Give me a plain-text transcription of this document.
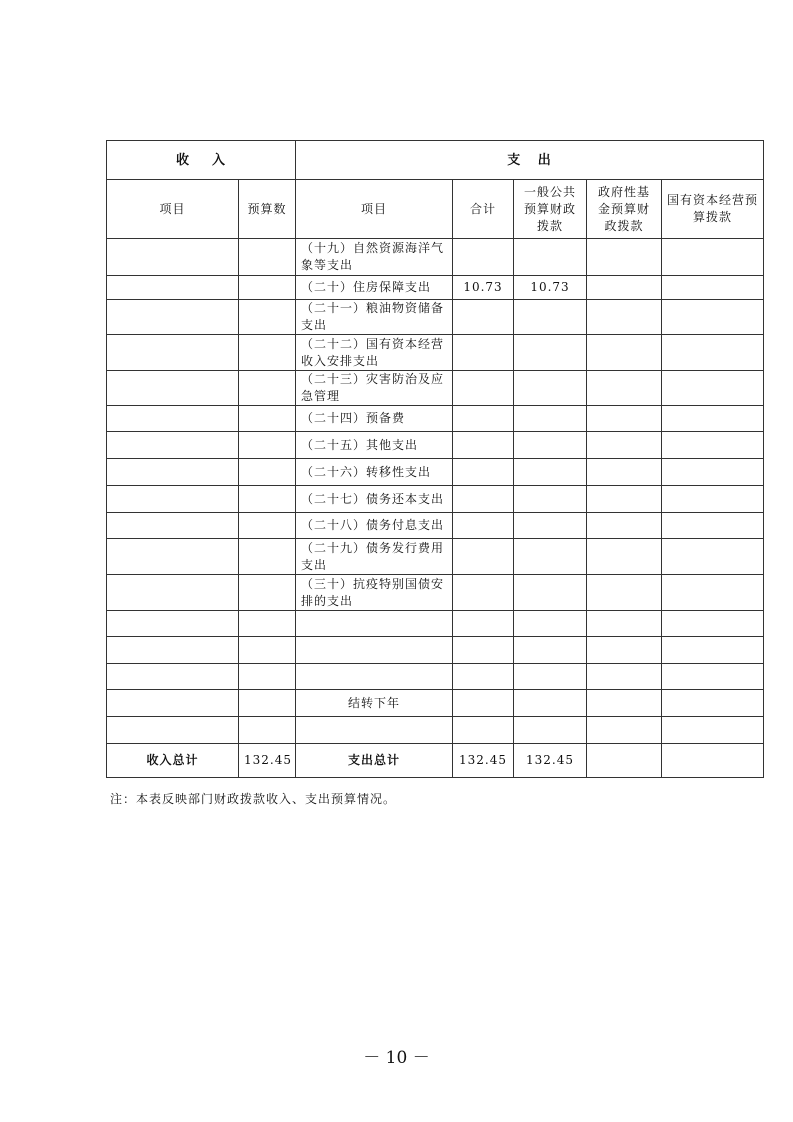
收    入		支   出				
项目	预算数	项目	合计	一般公共预算财政拨款	政府性基金预算财政拨款	国有资本经营预算拨款
		（十九）自然资源海洋气象等支出				
		（二十）住房保障支出	10.73	10.73		
		（二十一）粮油物资储备支出				
		（二十二）国有资本经营收入安排支出				
		（二十三）灾害防治及应急管理				
		（二十四）预备费				
		（二十五）其他支出				
		（二十六）转移性支出				
		（二十七）债务还本支出				
		（二十八）债务付息支出				
		（二十九）债务发行费用支出				
		（三十）抗疫特别国债安排的支出				

		结转下年				

收入总计	132.45	支出总计	132.45	132.45		
注：本表反映部门财政拨款收入、支出预算情况。
－ 10 －
